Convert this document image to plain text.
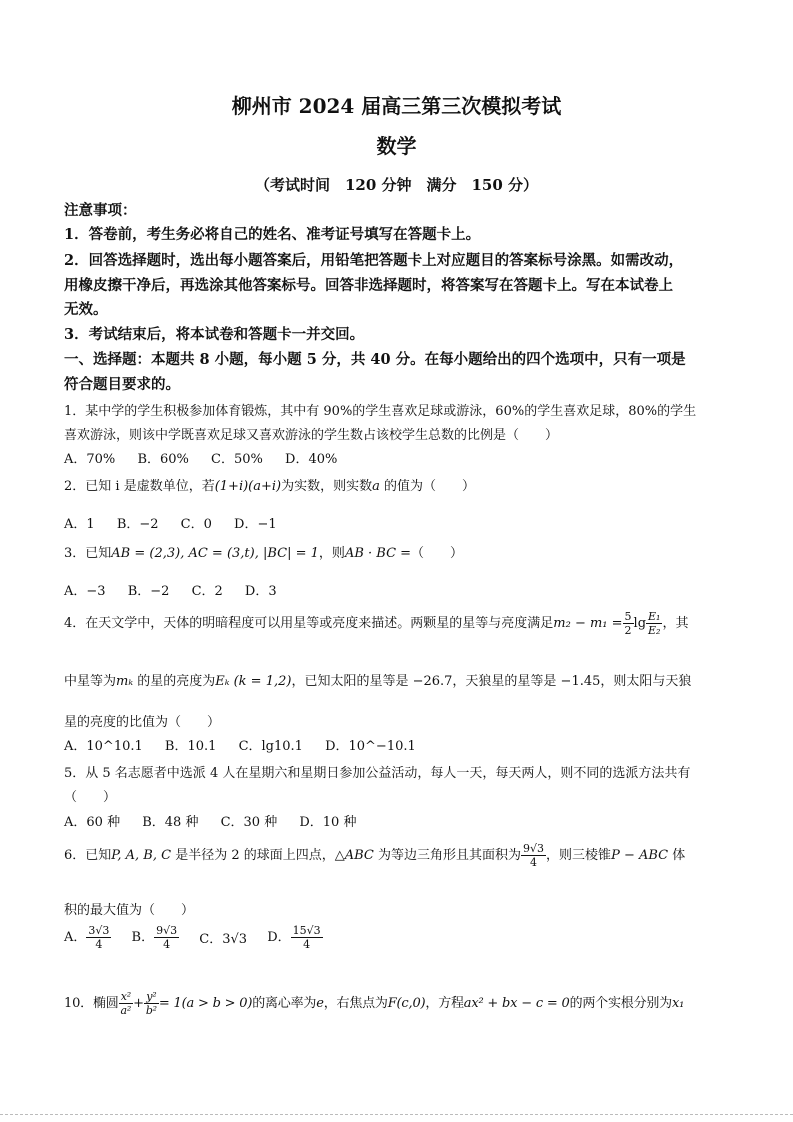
柳州市 2024 届高三第三次模拟考试
数学
（考试时间　120 分钟　满分　150 分）
注意事项：
1．答卷前，考生务必将自己的姓名、准考证号填写在答题卡上。
2．回答选择题时，选出每小题答案后，用铅笔把答题卡上对应题目的答案标号涂黑。如需改动，
用橡皮擦干净后，再选涂其他答案标号。回答非选择题时，将答案写在答题卡上。写在本试卷上
无效。
3．考试结束后，将本试卷和答题卡一并交回。
一、选择题：本题共 8 小题，每小题 5 分，共 40 分。在每小题给出的四个选项中，只有一项是
符合题目要求的。
1．某中学的学生积极参加体育锻炼，其中有 90%的学生喜欢足球或游泳，60%的学生喜欢足球，80%的学生
喜欢游泳，则该中学既喜欢足球又喜欢游泳的学生数占该校学生总数的比例是（　　）
A．70% B．60% C．50% D．40%
2．已知 i 是虚数单位，若(1+i)(a+i)为实数，则实数a 的值为（　　）
A．1 B．−2 C．0 D．−1
3．已知AB = (2,3), AC = (3,t), |BC| = 1，则AB · BC =（　　）
A．−3 B．−2 C．2 D．3
4．在天文学中，天体的明暗程度可以用星等或亮度来描述。两颗星的星等与亮度满足$m_2 - m_1 = \frac{5}{2}$ $\lg \frac{\text{E₁}}{\text{E₂}}$ ，其
中星等为mₖ 的星的亮度为Eₖ (k = 1,2)，已知太阳的星等是 −26.7，天狼星的星等是 −1.45，则太阳与天狼
星的亮度的比值为（　　）
A．10^10.1 B．10.1 C．lg10.1 D．10^−10.1
5．从 5 名志愿者中选派 4 人在星期六和星期日参加公益活动，每人一天，每天两人，则不同的选派方法共有
（　　）
A．60 种 B．48 种 C．30 种 D．10 种
6．已知P, A, B, C 是半径为 2 的球面上四点，△ABC 为等边三角形且其面积为 $\frac{9√3}{4}$ ，则三棱锥P − ABC 体
积的最大值为（　　）
A． $\frac{3√3}{4}$ B． $\frac{9√3}{4}$ C．3√3 D． $\frac{15√3}{4}$
10．椭圆 $\frac{\text{x²}}{\text{a²}} + \frac{\text{y²}}{\text{b²}} = 1(a > b > 0)$的离心率为e，右焦点为F(c,0)，方程ax² + bx − c = 0的两个实根分别为x₁
